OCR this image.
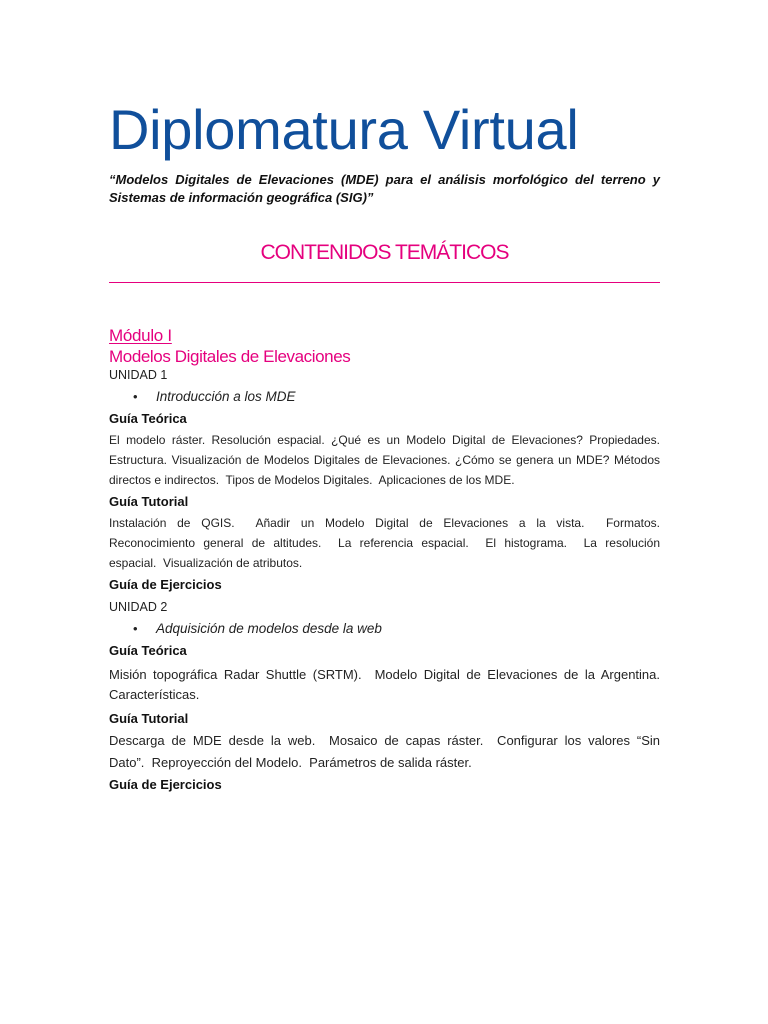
Diplomatura Virtual
“Modelos Digitales de Elevaciones (MDE) para el análisis morfológico del terreno y Sistemas de información geográfica (SIG)”
CONTENIDOS TEMÁTICOS
Módulo I
Modelos Digitales de Elevaciones
UNIDAD 1
•
Introducción a los MDE
Guía Teórica
El modelo ráster. Resolución espacial. ¿Qué es un Modelo Digital de Elevaciones? Propiedades.
Estructura. Visualización de Modelos Digitales de Elevaciones. ¿Cómo se genera un MDE? Métodos
directos e indirectos.  Tipos de Modelos Digitales.  Aplicaciones de los MDE.
Guía Tutorial
Instalación de QGIS.  Añadir un Modelo Digital de Elevaciones a la vista.  Formatos.
Reconocimiento general de altitudes.  La referencia espacial.  El histograma.  La resolución
espacial.  Visualización de atributos.
Guía de Ejercicios
UNIDAD 2
•
Adquisición de modelos desde la web
Guía Teórica
Misión topográfica Radar Shuttle (SRTM).  Modelo Digital de Elevaciones de la Argentina.
Características.
Guía Tutorial
Descarga de MDE desde la web.  Mosaico de capas ráster.  Configurar los valores “Sin
Dato”.  Reproyección del Modelo.  Parámetros de salida ráster.
Guía de Ejercicios
